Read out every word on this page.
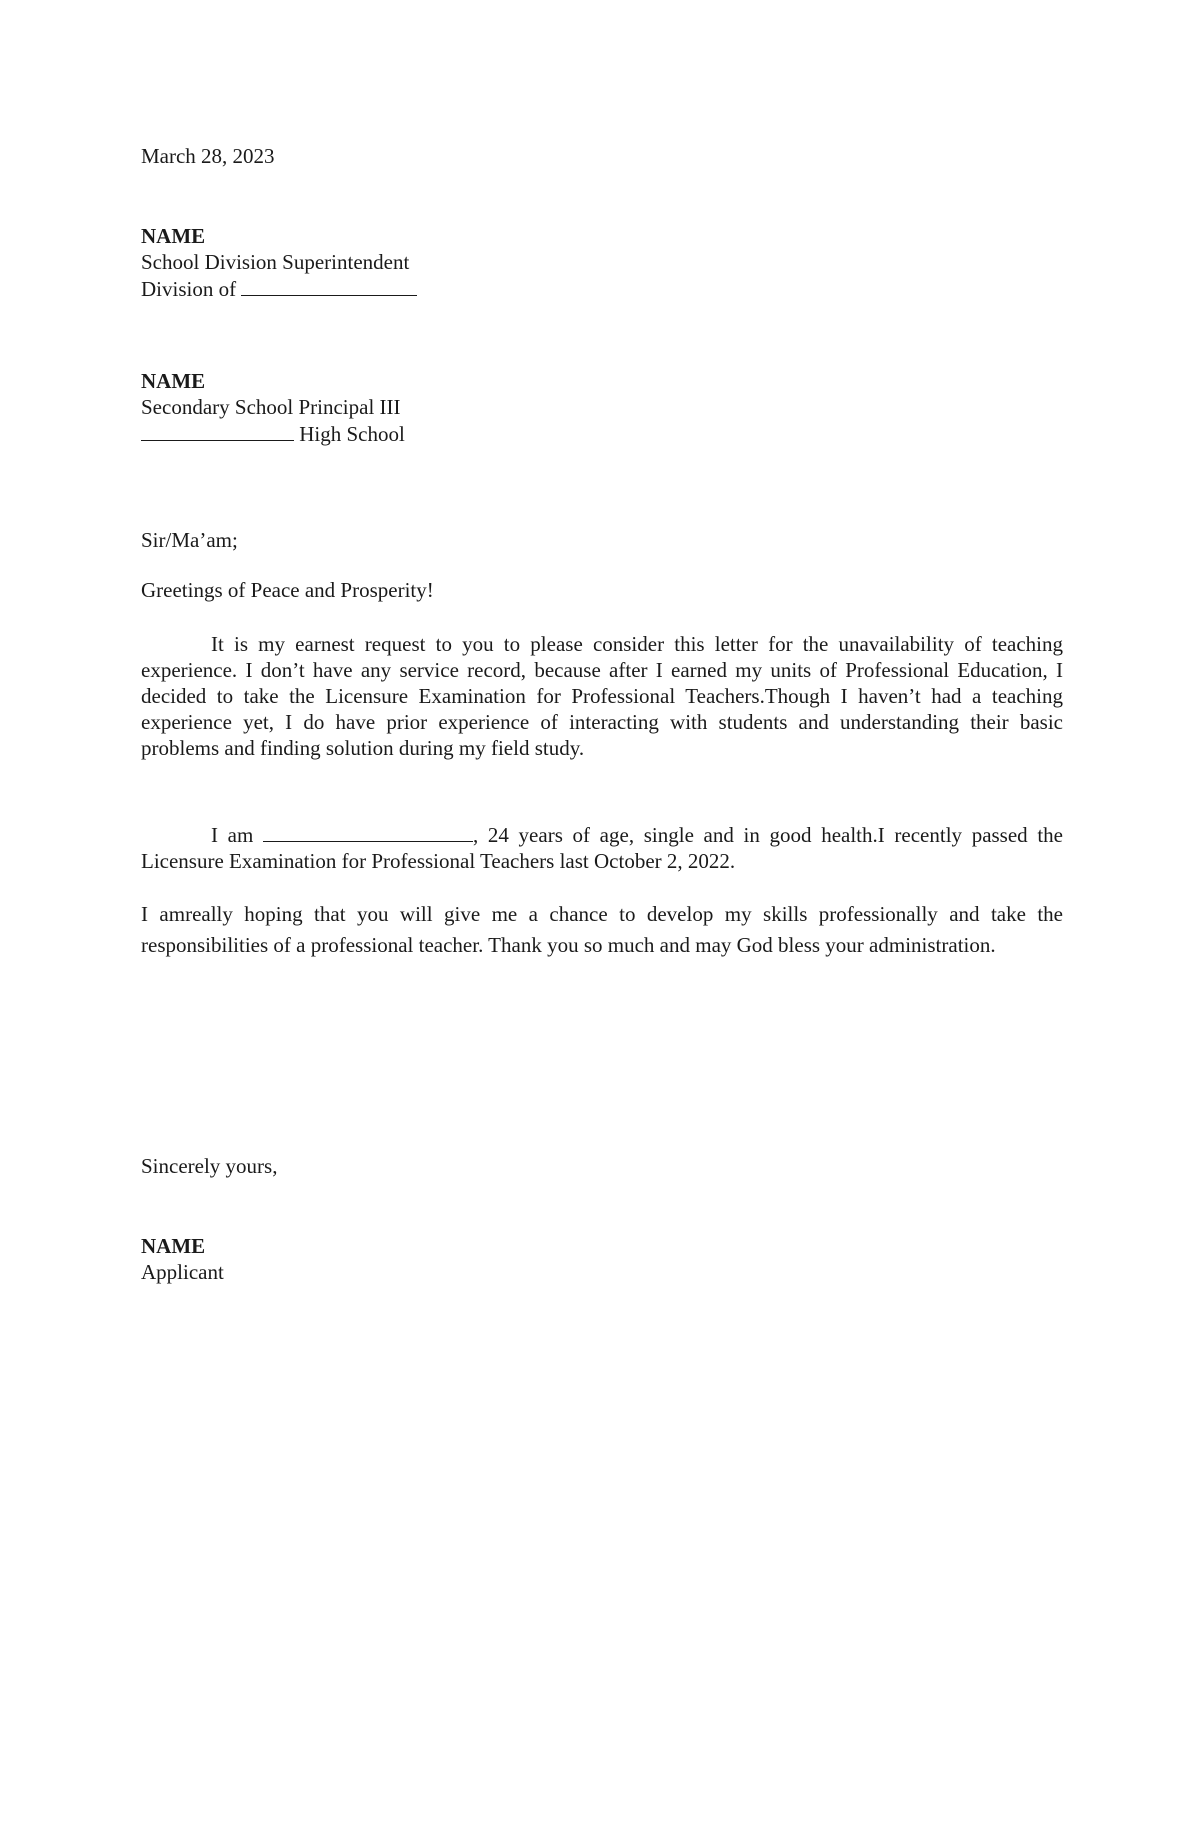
March 28, 2023
NAME
School Division Superintendent
Division of
NAME
Secondary School Principal III
High School
Sir/Ma’am;
Greetings of Peace and Prosperity!
It is my earnest request to you to please consider this letter for the unavailability of teaching experience. I don’t have any service record, because after I earned my units of Professional Education, I decided to take the Licensure Examination for Professional Teachers.Though I haven’t had a teaching experience yet, I do have prior experience of interacting with students and understanding their basic problems and finding solution during my field study.
I am	, 24 years of age, single and in good health.I recently passed the Licensure Examination for Professional Teachers last October 2, 2022.
I amreally hoping that you will give me a chance to develop my skills professionally and take the responsibilities of a professional teacher. Thank you so much and may God bless your administration.
Sincerely yours,
NAME
Applicant
